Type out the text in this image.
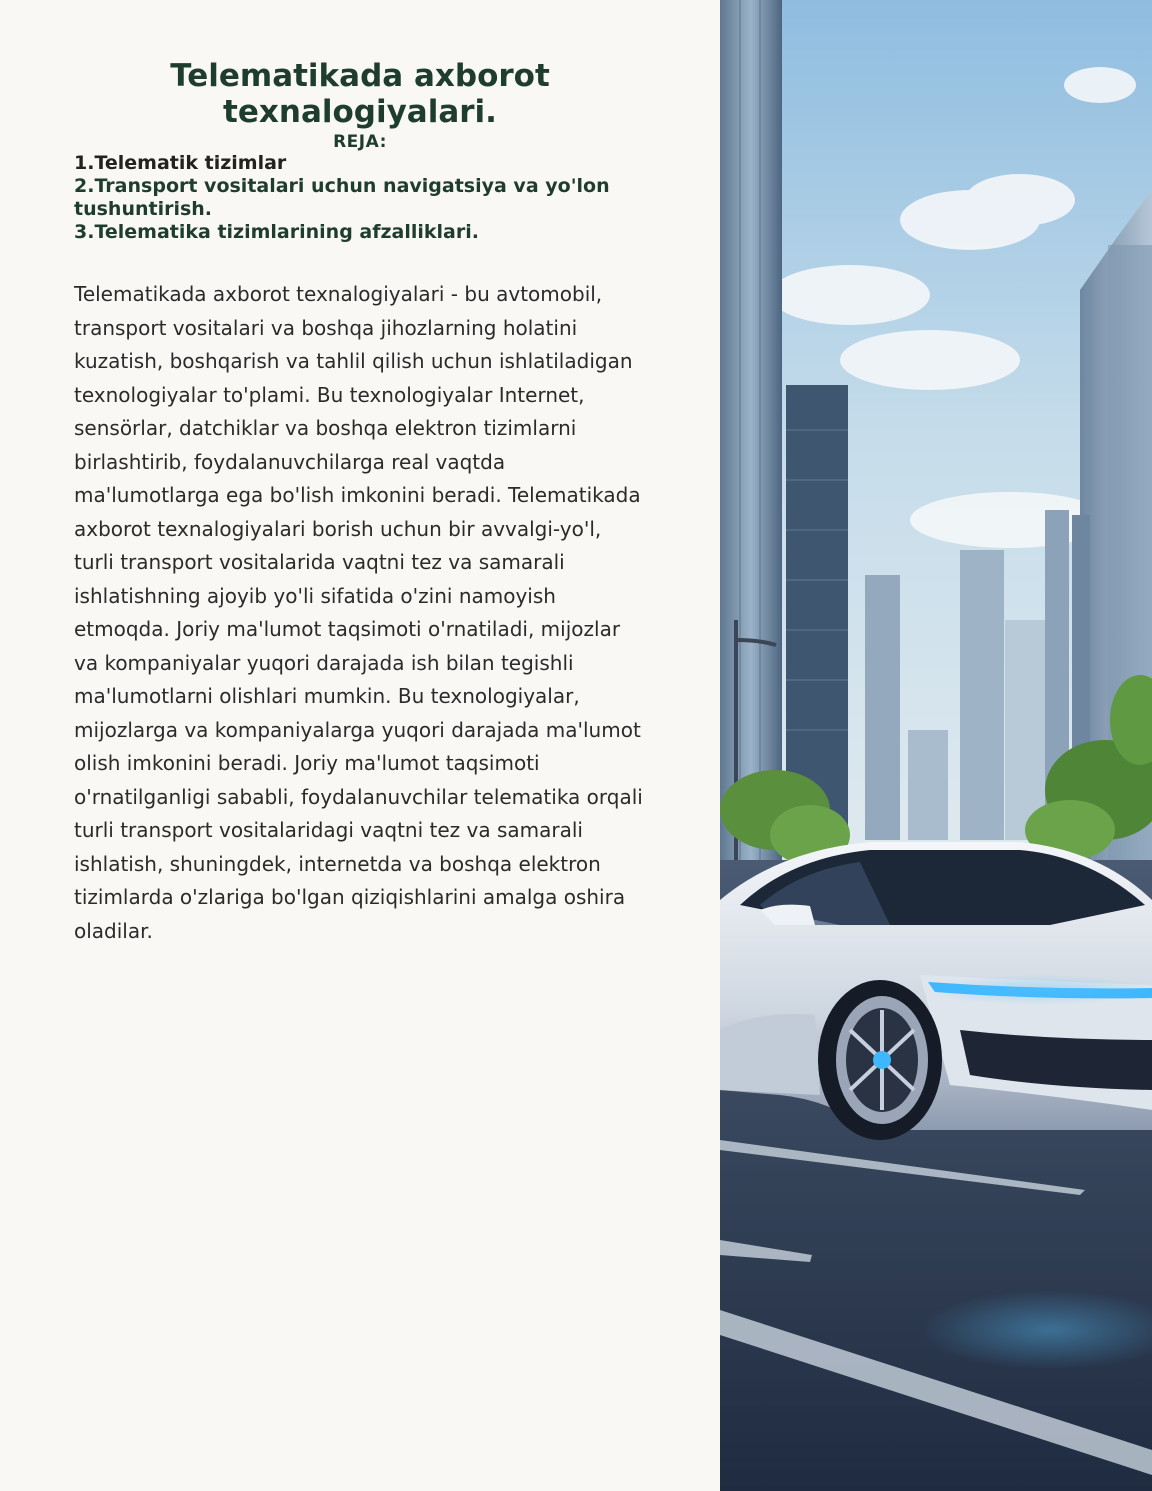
Telematikada axborot texnalogiyalari.
REJA:
1.Telematik tizimlar
2.Transport vositalari uchun navigatsiya va yo'lon tushuntirish.
3.Telematika tizimlarining afzalliklari.

Telematikada axborot texnalogiyalari - bu avtomobil, transport vositalari va boshqa jihozlarning holatini kuzatish, boshqarish va tahlil qilish uchun ishlatiladigan texnologiyalar to'plami. Bu texnologiyalar Internet, sensörlar, datchiklar va boshqa elektron tizimlarni birlashtirib, foydalanuvchilarga real vaqtda ma'lumotlarga ega bo'lish imkonini beradi. Telematikada axborot texnalogiyalari borish uchun bir avvalgi-yo'l, turli transport vositalarida vaqtni tez va samarali ishlatishning ajoyib yo'li sifatida o'zini namoyish etmoqda. Joriy ma'lumot taqsimoti o'rnatiladi, mijozlar va kompaniyalar yuqori darajada ish bilan tegishli ma'lumotlarni olishlari mumkin. Bu texnologiyalar, mijozlarga va kompaniyalarga yuqori darajada ma'lumot olish imkonini beradi. Joriy ma'lumot taqsimoti o'rnatilganligi sababli, foydalanuvchilar telematika orqali turli transport vositalaridagi vaqtni tez va samarali ishlatish, shuningdek, internetda va boshqa elektron tizimlarda o'zlariga bo'lgan qiziqishlarini amalga oshira oladilar.
